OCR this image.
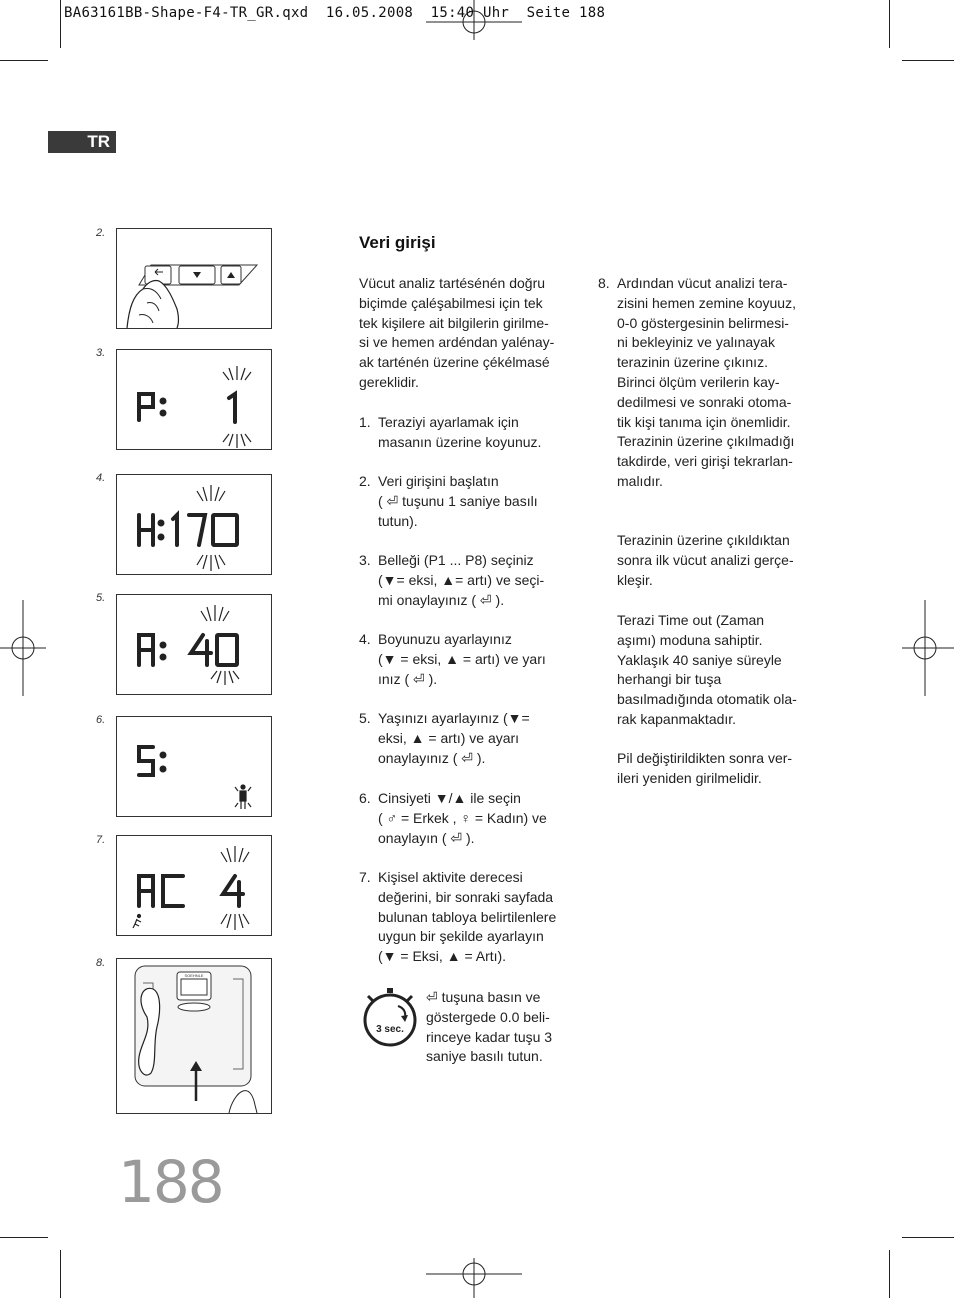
BA63161BB-Shape-F4-TR_GR.qxd  16.05.2008  15:40 Uhr  Seite 188
TR
2.
3.
4.
5.
6.
7.
8.
SOEHNLE
Veri girişi
Vücut analiz tartésénén doğru
biçimde çaléşabilmesi için tek
tek kişilere ait bilgilerin girilme-
si ve hemen ardéndan yalénay-
ak tarténén üzerine çékélmasé
gereklidir.
1. Teraziyi ayarlamak için
masanın üzerine koyunuz.
2. Veri girişini başlatın
( ⏎ tuşunu 1 saniye basılı
tutun).
3. Belleği (P1 ... P8) seçiniz
(▼= eksi, ▲= artı) ve seçi-
mi onaylayınız ( ⏎ ).
4. Boyunuzu ayarlayınız
(▼ = eksi, ▲ = artı) ve yarı
ınız ( ⏎ ).
5. Yaşınızı ayarlayınız (▼=
eksi, ▲ = artı) ve ayarı
onaylayınız ( ⏎ ).
6. Cinsiyeti ▼/▲ ile seçin
( ♂ = Erkek , ♀ = Kadın) ve
onaylayın ( ⏎ ).
7. Kişisel aktivite derecesi
değerini, bir sonraki sayfada
bulunan tabloya belirtilenlere
uygun bir şekilde ayarlayın
(▼ = Eksi, ▲ = Artı).
3 sec.
⏎ tuşuna basın ve
göstergede 0.0 beli-
rinceye kadar tuşu 3
saniye basılı tutun.
8. Ardından vücut analizi tera-
zisini hemen zemine koyuuz,
0-0 göstergesinin belirmesi-
ni bekleyiniz ve yalınayak
terazinin üzerine çıkınız.
Birinci ölçüm verilerin kay-
dedilmesi ve sonraki otoma-
tik kişi tanıma için önemlidir.
Terazinin üzerine çıkılmadığı
takdirde, veri girişi tekrarlan-
malıdır.
Terazinin üzerine çıkıldıktan
sonra ilk vücut analizi gerçe-
kleşir.
Terazi Time out (Zaman
aşımı) moduna sahiptir.
Yaklaşık 40 saniye süreyle
herhangi bir tuşa
basılmadığında otomatik ola-
rak kapanmaktadır.
Pil değiştirildikten sonra ver-
ileri yeniden girilmelidir.
188
